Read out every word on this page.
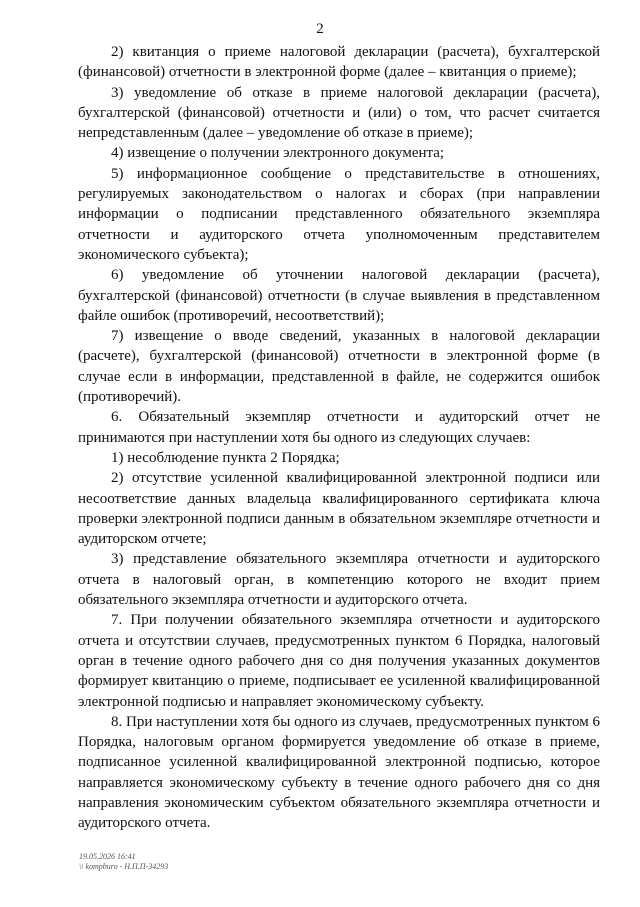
2

2) квитанция о приеме налоговой декларации (расчета), бухгалтерской (финансовой) отчетности в электронной форме (далее – квитанция о приеме);

3) уведомление об отказе в приеме налоговой декларации (расчета), бухгалтерской (финансовой) отчетности и (или) о том, что расчет считается непредставленным (далее – уведомление об отказе в приеме);

4) извещение о получении электронного документа;

5) информационное сообщение о представительстве в отношениях, регулируемых законодательством о налогах и сборах (при направлении информации о подписании представленного обязательного экземпляра отчетности и аудиторского отчета уполномоченным представителем экономического субъекта);

6) уведомление об уточнении налоговой декларации (расчета), бухгалтерской (финансовой) отчетности (в случае выявления в представленном файле ошибок (противоречий, несоответствий);

7) извещение о вводе сведений, указанных в налоговой декларации (расчете), бухгалтерской (финансовой) отчетности в электронной форме (в случае если в информации, представленной в файле, не содержится ошибок (противоречий).

6. Обязательный экземпляр отчетности и аудиторский отчет не принимаются при наступлении хотя бы одного из следующих случаев:

1) несоблюдение пункта 2 Порядка;

2) отсутствие усиленной квалифицированной электронной подписи или несоответствие данных владельца квалифицированного сертификата ключа проверки электронной подписи данным в обязательном экземпляре отчетности и аудиторском отчете;

3) представление обязательного экземпляра отчетности и аудиторского отчета в налоговый орган, в компетенцию которого не входит прием обязательного экземпляра отчетности и аудиторского отчета.

7. При получении обязательного экземпляра отчетности и аудиторского отчета и отсутствии случаев, предусмотренных пунктом 6 Порядка, налоговый орган в течение одного рабочего дня со дня получения указанных документов формирует квитанцию о приеме, подписывает ее усиленной квалифицированной электронной подписью и направляет экономическому субъекту.

8. При наступлении хотя бы одного из случаев, предусмотренных пунктом 6 Порядка, налоговым органом формируется уведомление об отказе в приеме, подписанное усиленной квалифицированной электронной подписью, которое направляется экономическому субъекту в течение одного рабочего дня со дня направления экономическим субъектом обязательного экземпляра отчетности и аудиторского отчета.

19.05.2026 16:41
\\ kompburo - Н.П.П-34293
